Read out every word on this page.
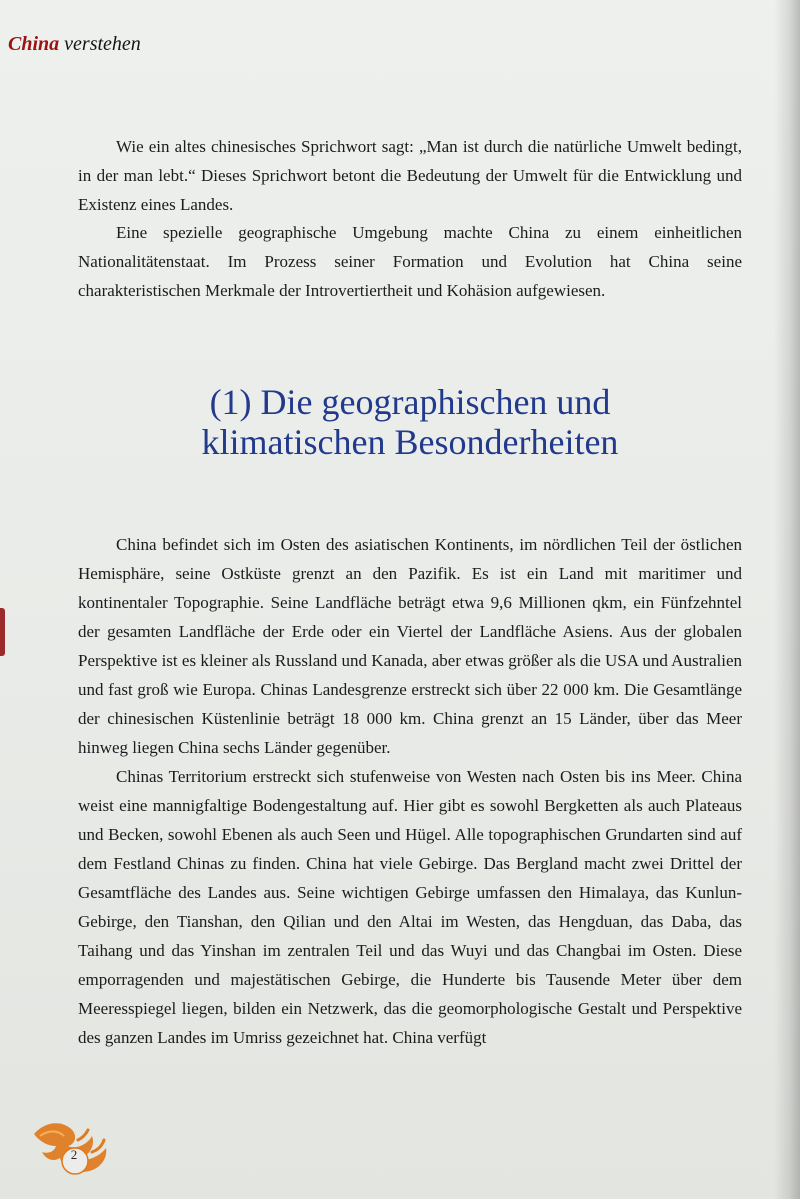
China verstehen

Wie ein altes chinesisches Sprichwort sagt: „Man ist durch die natürliche Umwelt bedingt, in der man lebt.“ Dieses Sprichwort betont die Bedeutung der Umwelt für die Entwicklung und Existenz eines Landes.

Eine spezielle geographische Umgebung machte China zu einem einheitlichen Nationalitätenstaat. Im Prozess seiner Formation und Evolution hat China seine charakteristischen Merkmale der Introvertiertheit und Kohäsion aufgewiesen.

(1) Die geographischen und
klimatischen Besonderheiten

China befindet sich im Osten des asiatischen Kontinents, im nördlichen Teil der östlichen Hemisphäre, seine Ostküste grenzt an den Pazifik. Es ist ein Land mit maritimer und kontinentaler Topographie. Seine Landfläche beträgt etwa 9,6 Millionen qkm, ein Fünfzehntel der gesamten Landfläche der Erde oder ein Viertel der Landfläche Asiens. Aus der globalen Perspektive ist es kleiner als Russland und Kanada, aber etwas größer als die USA und Australien und fast groß wie Europa. Chinas Landesgrenze erstreckt sich über 22 000 km. Die Gesamtlänge der chinesischen Küstenlinie beträgt 18 000 km. China grenzt an 15 Länder, über das Meer hinweg liegen China sechs Länder gegenüber.

Chinas Territorium erstreckt sich stufenweise von Westen nach Osten bis ins Meer. China weist eine mannigfaltige Bodengestaltung auf. Hier gibt es sowohl Bergketten als auch Plateaus und Becken, sowohl Ebenen als auch Seen und Hügel. Alle topographischen Grundarten sind auf dem Festland Chinas zu finden. China hat viele Gebirge. Das Bergland macht zwei Drittel der Gesamtfläche des Landes aus. Seine wichtigen Gebirge umfassen den Himalaya, das Kunlun-Gebirge, den Tianshan, den Qilian und den Altai im Westen, das Hengduan, das Daba, das Taihang und das Yinshan im zentralen Teil und das Wuyi und das Changbai im Osten. Diese emporragenden und majestätischen Gebirge, die Hunderte bis Tausende Meter über dem Meeresspiegel liegen, bilden ein Netzwerk, das die geomorphologische Gestalt und Perspektive des ganzen Landes im Umriss gezeichnet hat. China verfügt

2
